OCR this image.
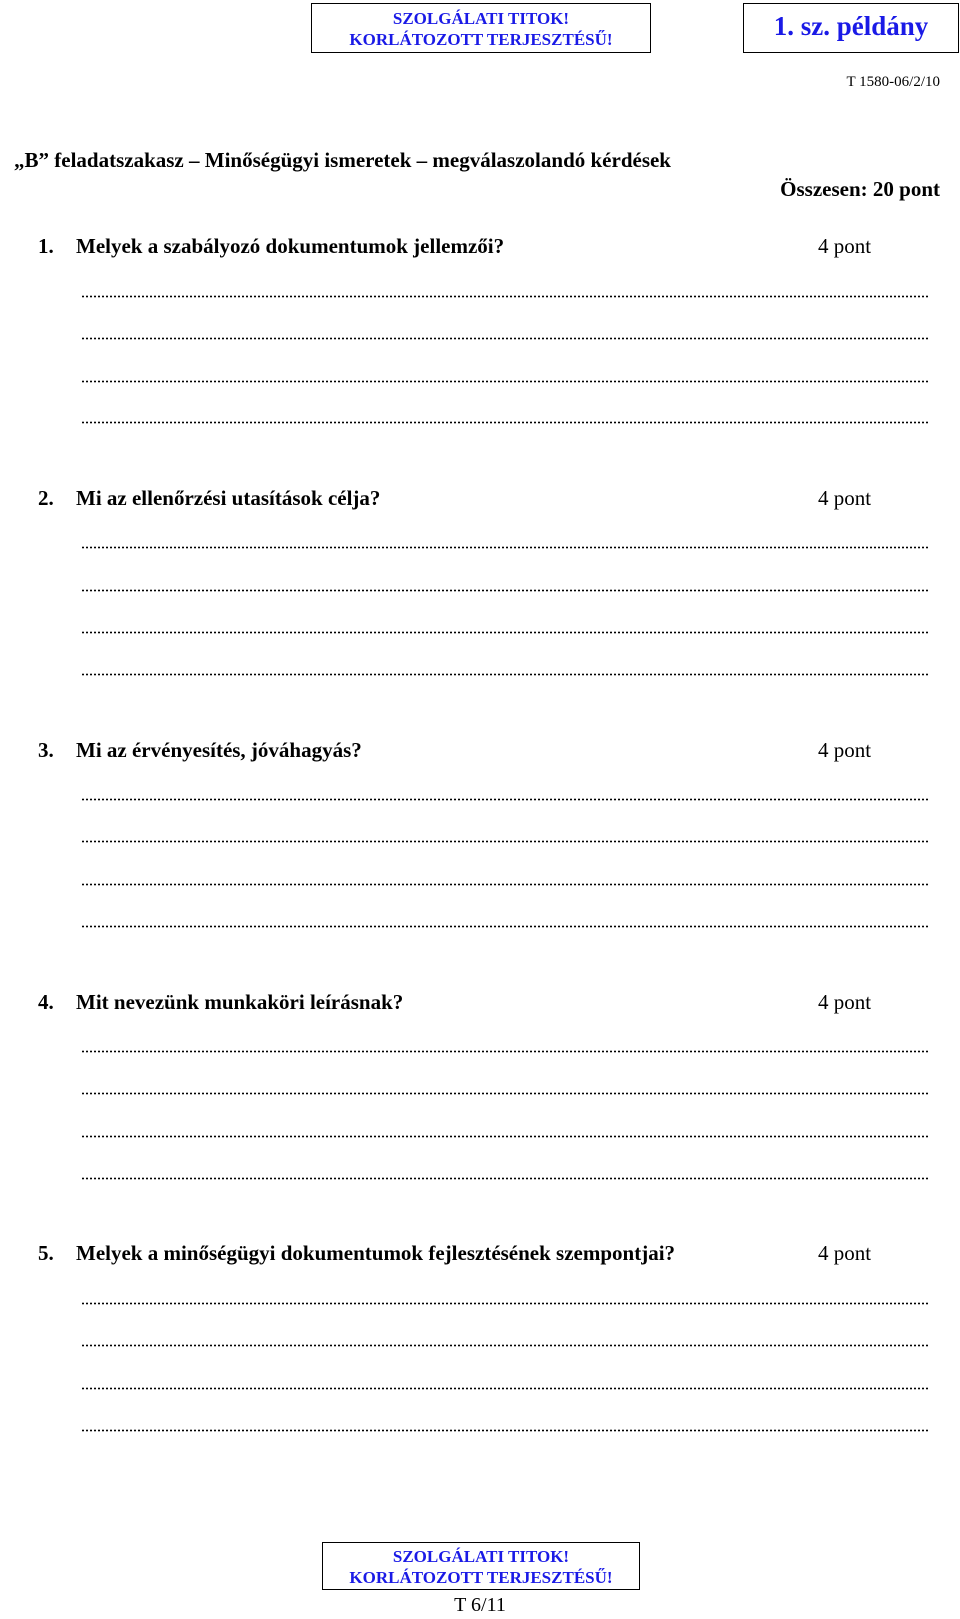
SZOLGÁLATI TITOK!
KORLÁTOZOTT TERJESZTÉSŰ!	1. sz. példány
T 1580-06/2/10
„B” feladatszakasz – Minőségügyi ismeretek – megválaszolandó kérdések
Összesen: 20 pont
1. Melyek a szabályozó dokumentumok jellemzői?	4 pont
2. Mi az ellenőrzési utasítások célja?	4 pont
3. Mi az érvényesítés, jóváhagyás?	4 pont
4. Mit nevezünk munkaköri leírásnak?	4 pont
5. Melyek a minőségügyi dokumentumok fejlesztésének szempontjai?	4 pont
SZOLGÁLATI TITOK!
KORLÁTOZOTT TERJESZTÉSŰ!
T 6/11
